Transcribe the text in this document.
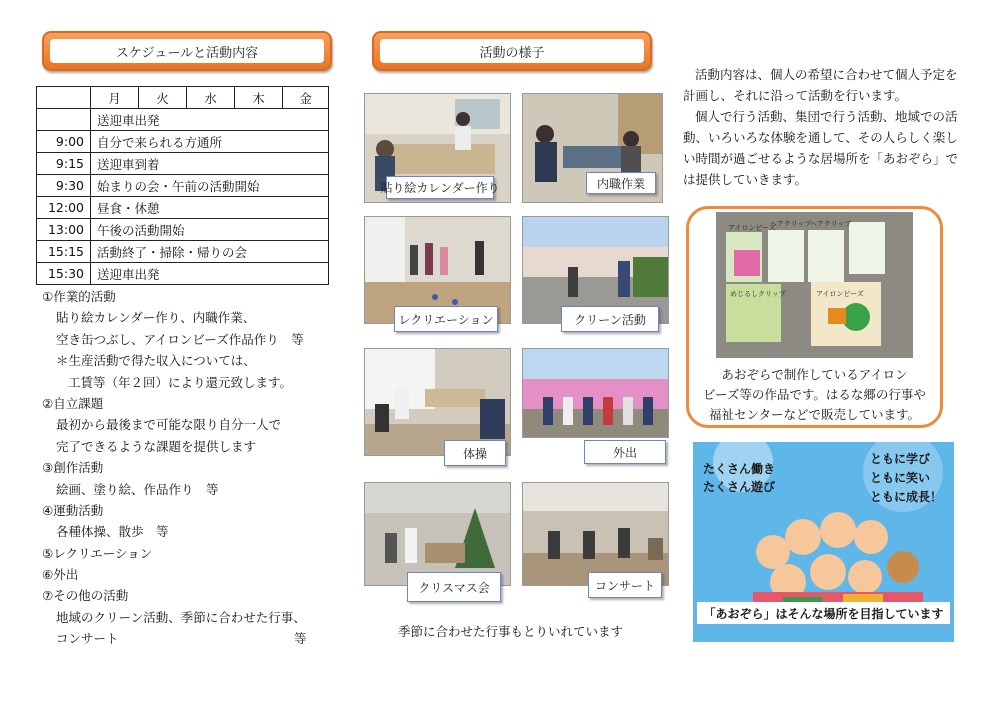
スケジュールと活動内容	活動の様子
	月	火	水	木	金
	送迎車出発				
9:00	自分で来られる方通所				
9:15	送迎車到着				
9:30	始まりの会・午前の活動開始				
12:00	昼食・休憩				
13:00	午後の活動開始				
15:15	活動終了・掃除・帰りの会				
15:30	送迎車出発				
①作業的活動
貼り絵カレンダー作り、内職作業、
空き缶つぶし、アイロンビーズ作品作り　等
＊生産活動で得た収入については、
工賃等（年２回）により還元致します。
②自立課題
最初から最後まで可能な限り自分一人で
完了できるような課題を提供します
③創作活動
絵画、塗り絵、作品作り　等
④運動活動
各種体操、散歩　等
⑤レクリエーション
⑥外出
⑦その他の活動
地域のクリーン活動、季節に合わせた行事、
コンサート	等
貼り絵カレンダー作り	内職作業
レクリエーション	クリーン活動
体操	外出
クリスマス会	コンサート
季節に合わせた行事もとりいれています

活動内容は、個人の希望に合わせて個人予定を計画し、それに沿って活動を行います。

個人で行う活動、集団で行う活動、地域での活動、いろいろな体験を通して、その人らしく楽しい時間が過ごせるような居場所を「あおぞら」では提供していきます。

アイロンビーズ
ヘアクリップ
ヘアクリップ
アイロンビーズ
めじるしクリップ
あおぞらで制作しているアイロン
ビーズ等の作品です。はるな郷の行事や
福祉センターなどで販売しています。
たくさん働き
たくさん遊び
ともに学び
ともに笑い
ともに成長！
「あおぞら」はそんな場所を目指しています
